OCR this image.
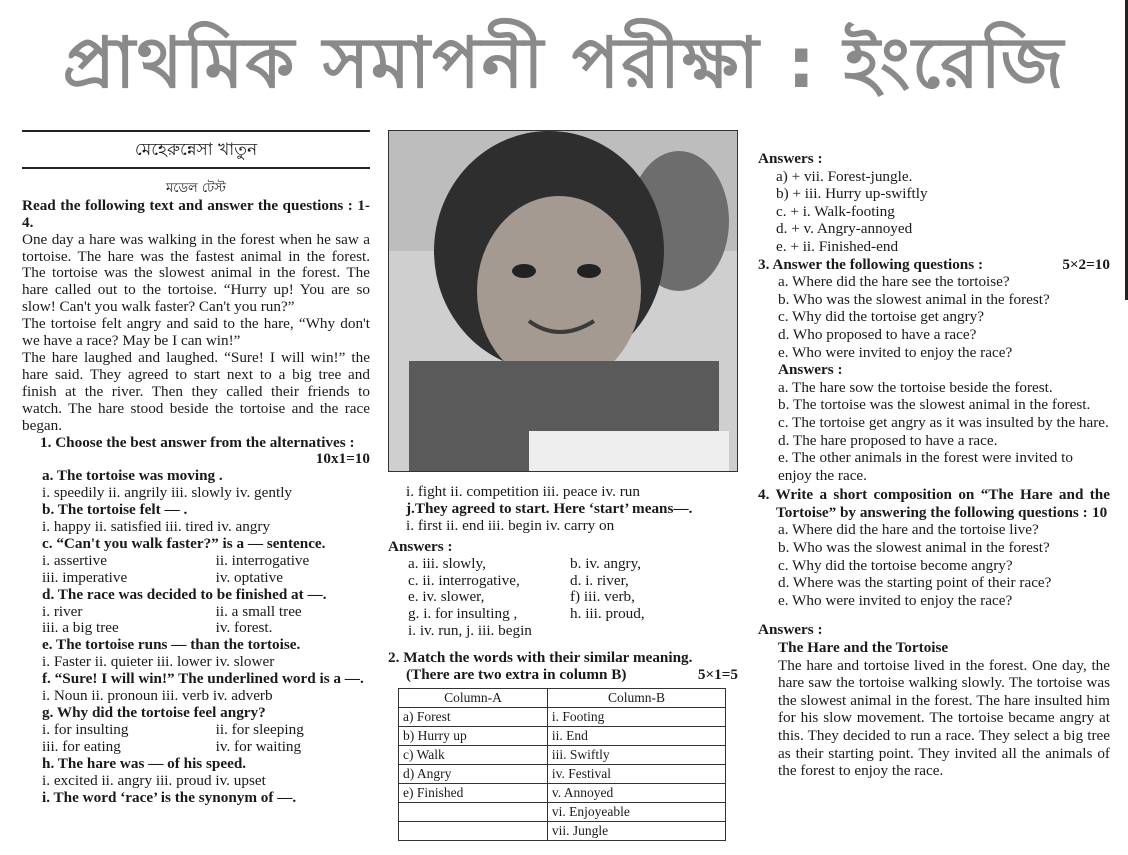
প্রাথমিক সমাপনী পরীক্ষা : ইংরেজি
মেহেরুন্নেসা খাতুন
মডেল টেস্ট
Read the following text and answer the questions : 1-4.
One day a hare was walking in the forest when he saw a tortoise. The hare was the fastest animal in the forest. The tortoise was the slowest animal in the forest. The hare called out to the tortoise. “Hurry up! You are so slow! Can't you walk faster? Can't you run?”
The tortoise felt angry and said to the hare, “Why don't we have a race? May be I can win!”
The hare laughed and laughed. “Sure! I will win!” the hare said. They agreed to start next to a big tree and finish at the river. Then they called their friends to watch. The hare stood beside the tortoise and the race began.
1. Choose the best answer from the alternatives :
10x1=10
a. The tortoise was moving .
i. speedily ii. angrily iii. slowly iv. gently
b. The tortoise felt — .
i. happy ii. satisfied iii. tired iv. angry
c. “Can't you walk faster?” is a — sentence.
i. assertive	ii. interrogative
iii. imperative	iv. optative
d. The race was decided to be finished at —.
i. river	ii. a small tree
iii. a big tree	iv. forest.
e. The tortoise runs — than the tortoise.
i. Faster ii. quieter iii. lower iv. slower
f. “Sure! I will win!” The underlined word is a —.
i. Noun ii. pronoun iii. verb iv. adverb
g. Why did the tortoise feel angry?
i. for insulting	ii. for sleeping
iii. for eating	iv. for waiting
h. The hare was — of his speed.
i. excited ii. angry iii. proud iv. upset
i. The word ‘race’ is the synonym of —.
i. fight ii. competition iii. peace iv. run
j.They agreed to start. Here ‘start’ means—.
i. first ii. end iii. begin iv. carry on
Answers :
a. iii. slowly,	b. iv. angry,
c. ii. interrogative,	d. i. river,
e. iv. slower,	f) iii. verb,
g. i. for insulting ,	h. iii. proud,
i. iv. run, j. iii. begin
2. Match the words with their similar meaning.
(There are two extra in column B)	5×1=5
Column-A	Column-B
a) Forest	i. Footing
b) Hurry up	ii. End
c) Walk	iii. Swiftly
d) Angry	iv. Festival
e) Finished	v. Annoyed
	vi. Enjoyeable
	vii. Jungle
Answers :
a) + vii. Forest-jungle.
b) + iii. Hurry up-swiftly
c. + i. Walk-footing
d. + v. Angry-annoyed
e. + ii. Finished-end
3. Answer the following questions :	5×2=10
a. Where did the hare see the tortoise?
b. Who was the slowest animal in the forest?
c. Why did the tortoise get angry?
d. Who proposed to have a race?
e. Who were invited to enjoy the race?
Answers :
a. The hare sow the tortoise beside the forest.
b. The tortoise was the slowest animal in the forest.
c. The tortoise get angry as it was insulted by the hare.
d. The hare proposed to have a race.
e. The other animals in the forest were invited to enjoy the race.
4. Write a short composition on “The Hare and the Tortoise” by answering the following questions : 10
a. Where did the hare and the tortoise live?
b. Who was the slowest animal in the forest?
c. Why did the tortoise become angry?
d. Where was the starting point of their race?
e. Who were invited to enjoy the race?
Answers :
The Hare and the Tortoise
The hare and tortoise lived in the forest. One day, the hare saw the tortoise walking slowly. The tortoise was the slowest animal in the forest. The hare insulted him for his slow movement. The tortoise became angry at this. They decided to run a race. They select a big tree as their starting point. They invited all the animals of the forest to enjoy the race.
